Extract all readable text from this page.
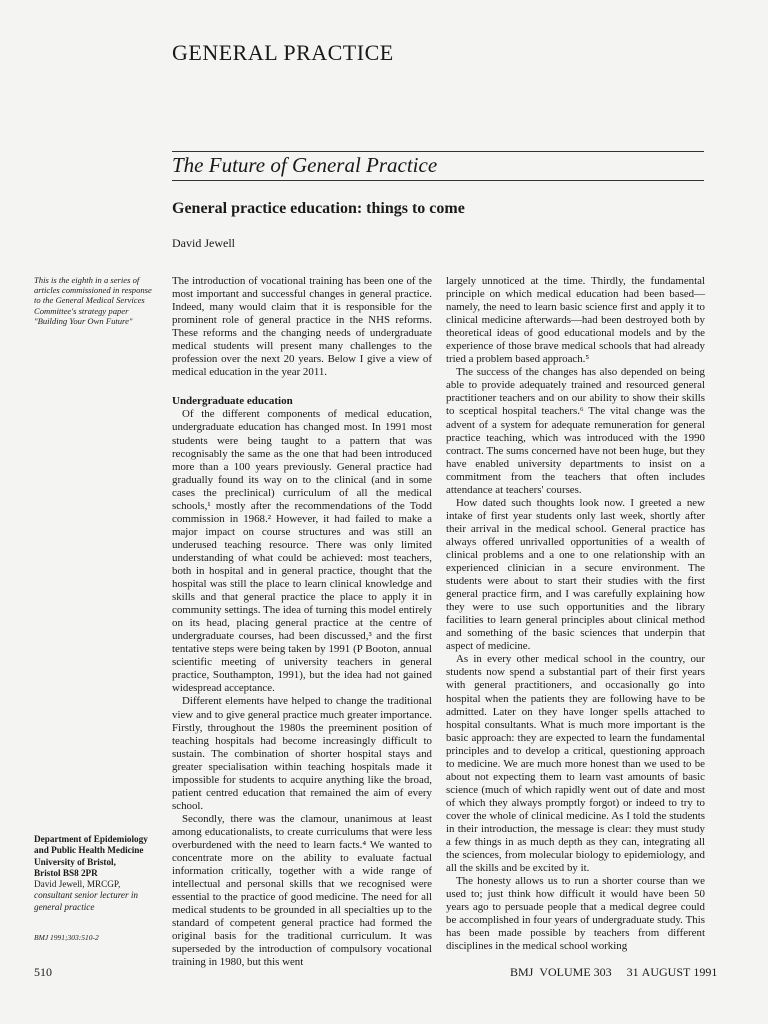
GENERAL PRACTICE
The Future of General Practice
General practice education: things to come
David Jewell
This is the eighth in a series of articles commissioned in response to the General Medical Services Committee's strategy paper "Building Your Own Future"
Department of Epidemiology and Public Health Medicine
University of Bristol,
Bristol BS8 2PR
David Jewell, MRCGP,
consultant senior lecturer in general practice
BMJ 1991;303:510-2

The introduction of vocational training has been one of the most important and successful changes in general practice. Indeed, many would claim that it is responsible for the prominent role of general practice in the NHS reforms. These reforms and the changing needs of undergraduate medical students will present many challenges to the profession over the next 20 years. Below I give a view of medical education in the year 2011.

Undergraduate education

Of the different components of medical education, undergraduate education has changed most. In 1991 most students were being taught to a pattern that was recognisably the same as the one that had been introduced more than a 100 years previously. General practice had gradually found its way on to the clinical (and in some cases the preclinical) curriculum of all the medical schools,¹ mostly after the recommendations of the Todd commission in 1968.² However, it had failed to make a major impact on course structures and was still an underused teaching resource. There was only limited understanding of what could be achieved: most teachers, both in hospital and in general practice, thought that the hospital was still the place to learn clinical knowledge and skills and that general practice the place to apply it in community settings. The idea of turning this model entirely on its head, placing general practice at the centre of undergraduate courses, had been discussed,³ and the first tentative steps were being taken by 1991 (P Booton, annual scientific meeting of university teachers in general practice, Southampton, 1991), but the idea had not gained widespread acceptance.

Different elements have helped to change the traditional view and to give general practice much greater importance. Firstly, throughout the 1980s the preeminent position of teaching hospitals had become increasingly difficult to sustain. The combination of shorter hospital stays and greater specialisation within teaching hospitals made it impossible for students to acquire anything like the broad, patient centred education that remained the aim of every school.

Secondly, there was the clamour, unanimous at least among educationalists, to create curriculums that were less overburdened with the need to learn facts.⁴ We wanted to concentrate more on the ability to evaluate factual information critically, together with a wide range of intellectual and personal skills that we recognised were essential to the practice of good medicine. The need for all medical students to be grounded in all specialties up to the standard of competent general practice had formed the original basis for the traditional curriculum. It was superseded by the introduction of compulsory vocational training in 1980, but this went

largely unnoticed at the time. Thirdly, the fundamental principle on which medical education had been based—namely, the need to learn basic science first and apply it to clinical medicine afterwards—had been destroyed both by theoretical ideas of good educational models and by the experience of those brave medical schools that had already tried a problem based approach.⁵

The success of the changes has also depended on being able to provide adequately trained and resourced general practitioner teachers and on our ability to show their skills to sceptical hospital teachers.⁶ The vital change was the advent of a system for adequate remuneration for general practice teaching, which was introduced with the 1990 contract. The sums concerned have not been huge, but they have enabled university departments to insist on a commitment from the teachers that often includes attendance at teachers' courses.

How dated such thoughts look now. I greeted a new intake of first year students only last week, shortly after their arrival in the medical school. General practice has always offered unrivalled opportunities of a wealth of clinical problems and a one to one relationship with an experienced clinician in a secure environment. The students were about to start their studies with the first general practice firm, and I was carefully explaining how they were to use such opportunities and the library facilities to learn general principles about clinical method and something of the basic sciences that underpin that aspect of medicine.

As in every other medical school in the country, our students now spend a substantial part of their first years with general practitioners, and occasionally go into hospital when the patients they are following have to be admitted. Later on they have longer spells attached to hospital consultants. What is much more important is the basic approach: they are expected to learn the fundamental principles and to develop a critical, questioning approach to medicine. We are much more honest than we used to be about not expecting them to learn vast amounts of basic science (much of which rapidly went out of date and most of which they always promptly forgot) or indeed to try to cover the whole of clinical medicine. As I told the students in their introduction, the message is clear: they must study a few things in as much depth as they can, integrating all the sciences, from molecular biology to epidemiology, and all the skills and be excited by it.

The honesty allows us to run a shorter course than we used to; just think how difficult it would have been 50 years ago to persuade people that a medical degree could be accomplished in four years of undergraduate study. This has been made possible by teachers from different disciplines in the medical school working

510	BMJ VOLUME 303 31 AUGUST 1991
